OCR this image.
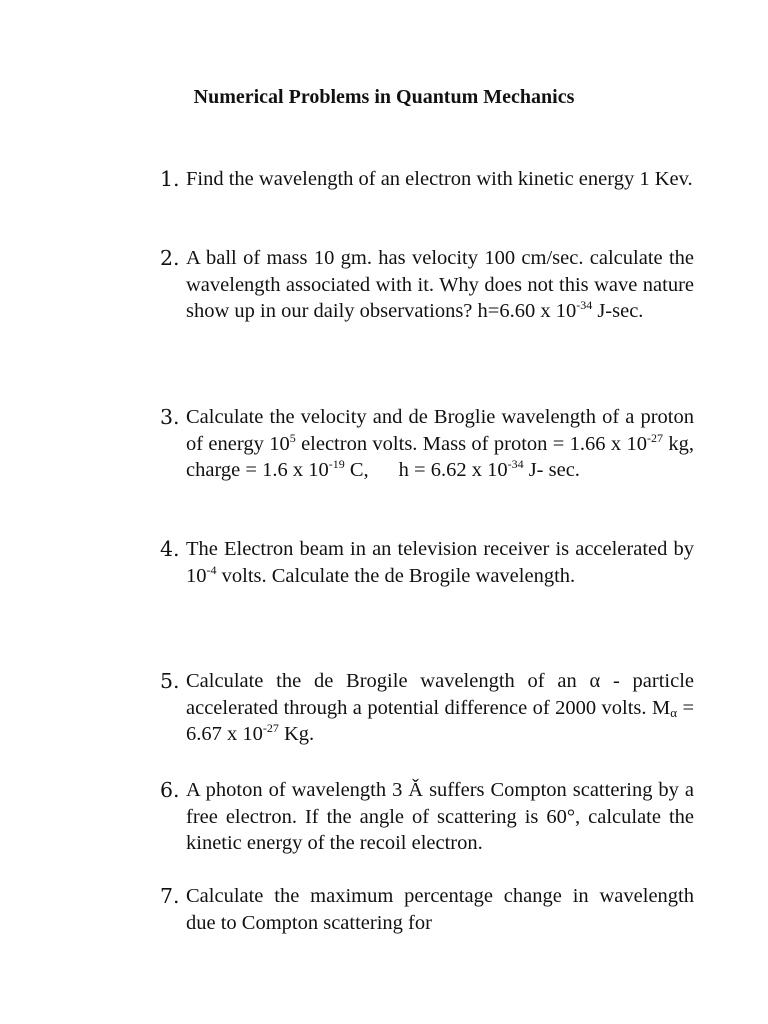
Numerical Problems in Quantum Mechanics
1. Find the wavelength of an electron with kinetic energy 1 Kev.
2. A ball of mass 10 gm. has velocity 100 cm/sec. calculate the wavelength associated with it. Why does not this wave nature show up in our daily observations? h=6.60 x $10^{-34}$ J-sec.
3. Calculate the velocity and de Broglie wavelength of a proton of energy $10^5$ electron volts. Mass of proton = 1.66 x $10^{-27}$ kg, charge = 1.6 x $10^{-19}$ C, h = 6.62 x $10^{-34}$ J- sec.
4. The Electron beam in an television receiver is accelerated by $10^{-4}$ volts. Calculate the de Brogile wavelength.
5. Calculate the de Brogile wavelength of an α - particle accelerated through a potential difference of 2000 volts. $M_\alpha = 6.67$ x $10^{-27}$ Kg.
6. A photon of wavelength 3 Ǎ suffers Compton scattering by a free electron. If the angle of scattering is 60°, calculate the kinetic energy of the recoil electron.
7. Calculate the maximum percentage change in wavelength due to Compton scattering for
